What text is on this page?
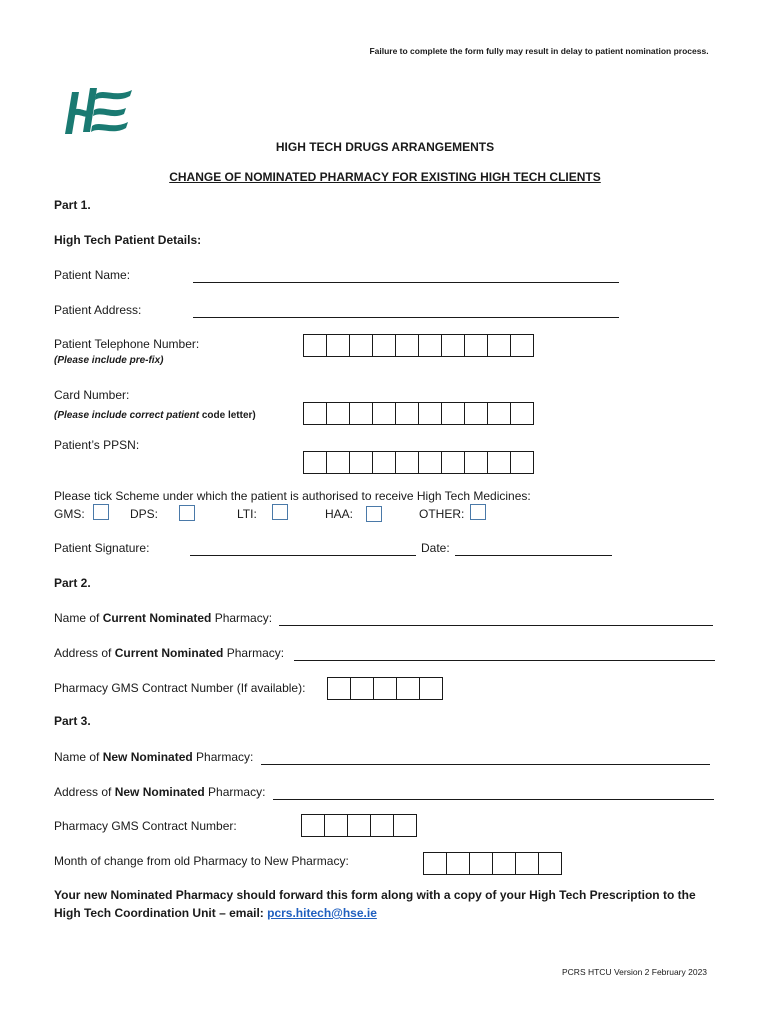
Failure to complete the form fully may result in delay to patient nomination process.
HIGH TECH DRUGS ARRANGEMENTS
CHANGE OF NOMINATED PHARMACY FOR EXISTING HIGH TECH CLIENTS
Part 1.
High Tech Patient Details:
Patient Name:
Patient Address:
Patient Telephone Number:
(Please include pre-fix)
Card Number:
(Please include correct patient code letter)
Patient’s PPSN:
Please tick Scheme under which the patient is authorised to receive High Tech Medicines:
GMS:	DPS:	LTI:	HAA:	OTHER:
Patient Signature:	Date:
Part 2.
Name of Current Nominated Pharmacy:
Address of Current Nominated Pharmacy:
Pharmacy GMS Contract Number (If available):
Part 3.
Name of New Nominated Pharmacy:
Address of New Nominated Pharmacy:
Pharmacy GMS Contract Number:
Month of change from old Pharmacy to New Pharmacy:
Your new Nominated Pharmacy should forward this form along with a copy of your High Tech Prescription to the
High Tech Coordination Unit – email: pcrs.hitech@hse.ie
PCRS HTCU Version 2 February 2023
